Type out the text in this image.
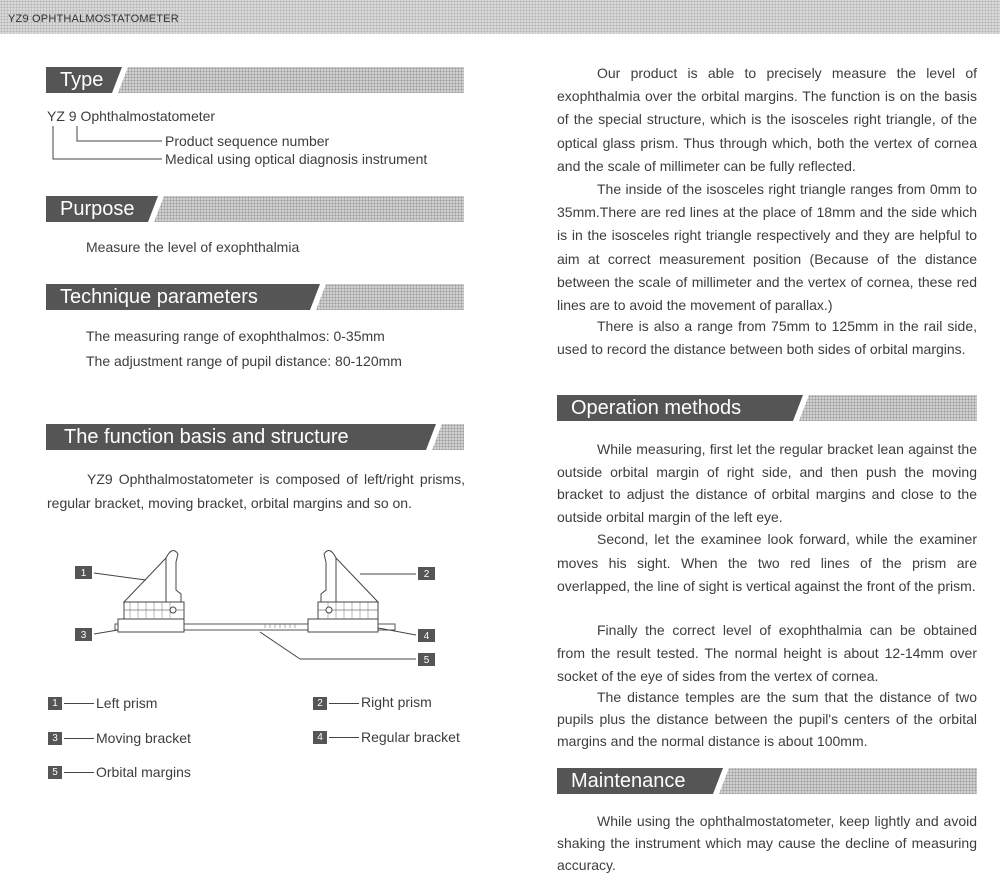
YZ9 OPHTHALMOSTATOMETER
Type
YZ 9 Ophthalmostatometer
Product sequence number
Medical using optical diagnosis instrument
Purpose
Measure the level of exophthalmia
Technique parameters
The measuring range of exophthalmos: 0-35mm
The adjustment range of pupil distance: 80-120mm
The function basis and structure

YZ9 Ophthalmostatometer is composed of left/right prisms, regular bracket, moving bracket, orbital margins and so on.

1	2
3	4
5
1	Left prism	2	Right prism
3	Moving bracket	4	Regular bracket
5	Orbital margins

Our product is able to precisely measure the level of exophthalmia over the orbital margins. The function is on the basis of the special structure, which is the isosceles right triangle, of the optical glass prism. Thus through which, both the vertex of cornea and the scale of millimeter can be fully reflected.

The inside of the isosceles right triangle ranges from 0mm to 35mm.There are red lines at the place of 18mm and the side which is in the isosceles right triangle respectively and they are helpful to aim at correct measurement position (Because of the distance between the scale of millimeter and the vertex of cornea, these red lines are to avoid the movement of parallax.)

There is also a range from 75mm to 125mm in the rail side, used to record the distance between both sides of orbital margins.

Operation methods

While measuring, first let the regular bracket lean against the outside orbital margin of right side, and then push the moving bracket to adjust the distance of orbital margins and close to the outside orbital margin of the left eye.

Second, let the examinee look forward, while the examiner moves his sight. When the two red lines of the prism are overlapped, the line of sight is vertical against the front of the prism.

Finally the correct level of exophthalmia can be obtained from the result tested. The normal height is about 12-14mm over socket of the eye of sides from the vertex of cornea.

The distance temples are the sum that the distance of two pupils plus the distance between the pupil's centers of the orbital margins and the normal distance is about 100mm.

Maintenance

While using the ophthalmostatometer, keep lightly and avoid shaking the instrument which may cause the decline of measuring accuracy.
